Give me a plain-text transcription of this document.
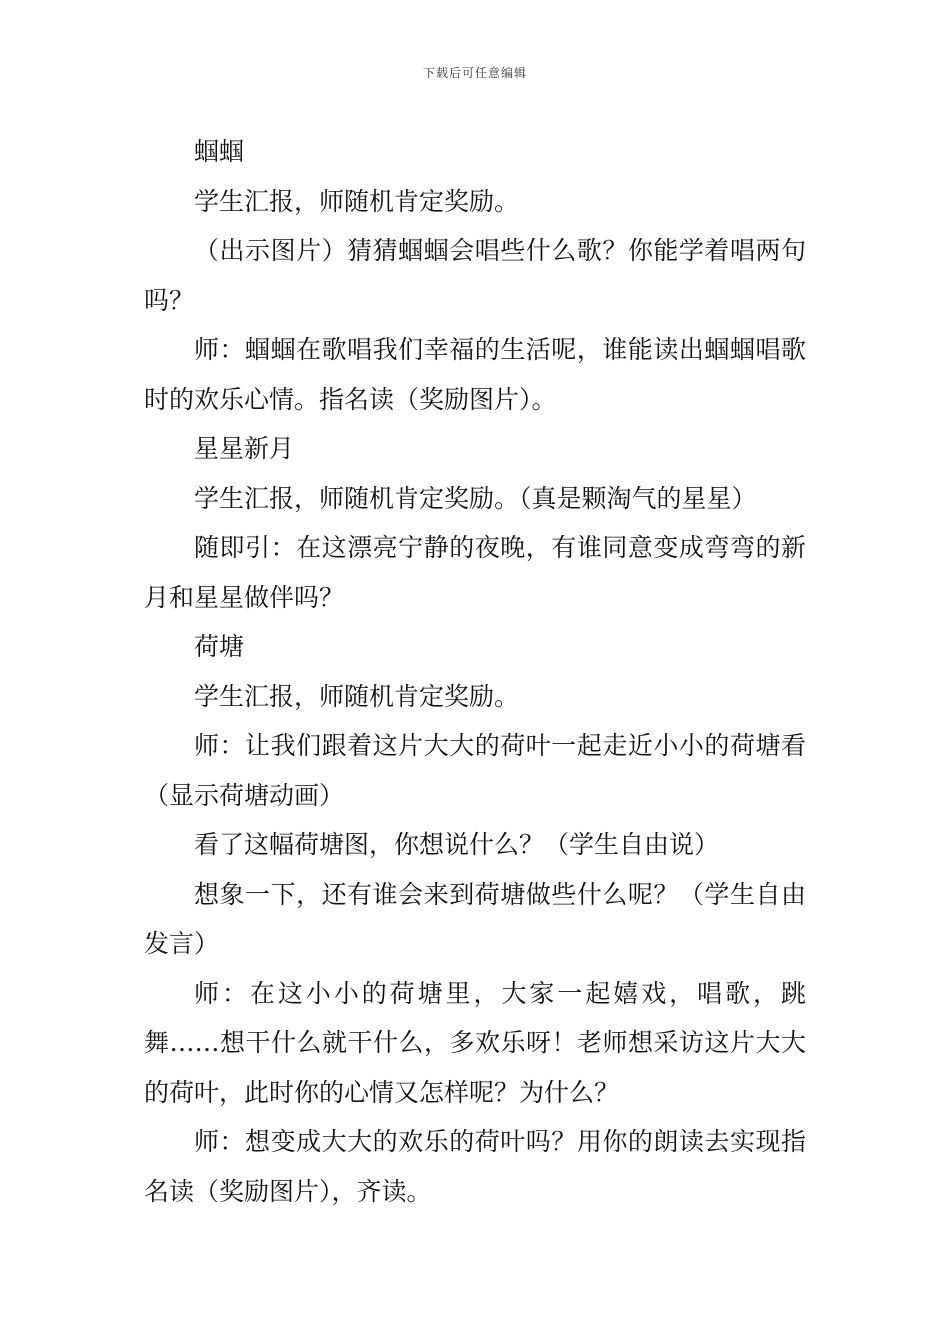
下载后可任意编辑

蝈蝈

学生汇报，师随机肯定奖励。

（出示图片）猜猜蝈蝈会唱些什么歌？你能学着唱两句吗？

师：蝈蝈在歌唱我们幸福的生活呢，谁能读出蝈蝈唱歌时的欢乐心情。指名读（奖励图片）。

星星新月

学生汇报，师随机肯定奖励。（真是颗淘气的星星）

随即引：在这漂亮宁静的夜晚，有谁同意变成弯弯的新月和星星做伴吗？

荷塘

学生汇报，师随机肯定奖励。

师：让我们跟着这片大大的荷叶一起走近小小的荷塘看（显示荷塘动画）

看了这幅荷塘图，你想说什么？（学生自由说）

想象一下，还有谁会来到荷塘做些什么呢？（学生自由发言）

师：在这小小的荷塘里，大家一起嬉戏，唱歌，跳舞……想干什么就干什么，多欢乐呀！老师想采访这片大大的荷叶，此时你的心情又怎样呢？为什么？

师：想变成大大的欢乐的荷叶吗？用你的朗读去实现指名读（奖励图片），齐读。
